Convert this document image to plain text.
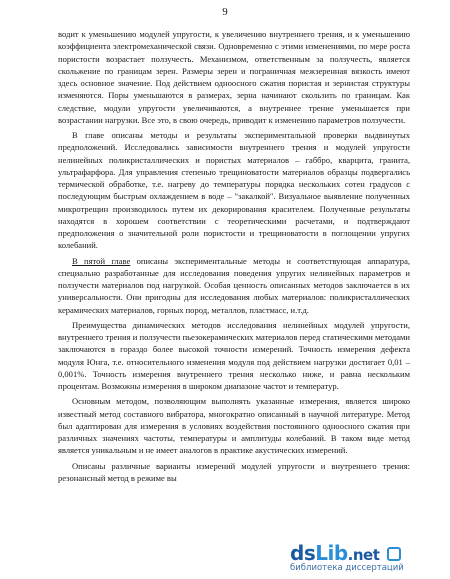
9

водит к уменьшению модулей упругости, к увеличению внутреннего трения, и к уменьшению коэффициента электромеханической связи. Одновременно с этими изменениями, по мере роста пористости возрастает ползучесть. Механизмом, ответственным за ползучесть, является скольжение по границам зерен. Размеры зерен и пограничная межзеренная вязкость имеют здесь основное значение. Под действием одноосного сжатия пористая и зернистая структуры изменяются. Поры уменьшаются в размерах, зерна начинают скользить по границам. Как следствие, модули упругости увеличиваются, а внутреннее трение уменьшается при возрастании нагрузки. Все это, в свою очередь, приводит к изменению параметров ползучести.

В главе описаны методы и результаты экспериментальной проверки выдвинутых предположений. Исследовались зависимости внутреннего трения и модулей упругости нелинейных поликристаллических и пористых материалов – габбро, кварцита, гранита, ультрафарфора. Для управления степенью трещиноватости материалов образцы подвергались термической обработке, т.е. нагреву до температуры порядка нескольких сотен градусов с последующим быстрым охлаждением в воде – "закалкой". Визуальное выявление полученных микротрещин производилось путем их декорирования красителем. Полученные результаты находятся в хорошем соответствии с теоретическими расчетами, и подтверждают предположения о значительной роли пористости и трещиноватости в поглощении упругих колебаний.

В пятой главе описаны экспериментальные методы и соответствующая аппаратура, специально разработанные для исследования поведения упругих нелинейных параметров и ползучести материалов под нагрузкой. Особая ценность описанных методов заключается в их универсальности. Они пригодны для исследования любых материалов: поликристаллических керамических материалов, горных пород, металлов, пластмасс, и.т.д.

Преимущества динамических методов исследования нелинейных модулей упругости, внутреннего трения и ползучести пьезокерамических материалов перед статическими методами заключаются в гораздо более высокой точности измерений. Точность измерения дефекта модуля Юнга, т.е. относительного изменения модуля под действием нагрузки достигает 0,01 – 0,001%. Точность измерения внутреннего трения несколько ниже, и равна нескольким процентам. Возможны измерения в широком диапазоне частот и температур.

Основным методом, позволяющим выполнять указанные измерения, является широко известный метод составного вибратора, многократно описанный в научной литературе. Метод был адаптирован для измерения в условиях воздействия постоянного одноосного сжатия при различных значениях частоты, температуры и амплитуды колебаний. В таком виде метод является уникальным и не имеет аналогов в практике акустических измерений.

Описаны различные варианты измерений модулей упругости и внутреннего трения: резонансный метод в режиме вы

ds Lib .net
библиотека диссертаций
